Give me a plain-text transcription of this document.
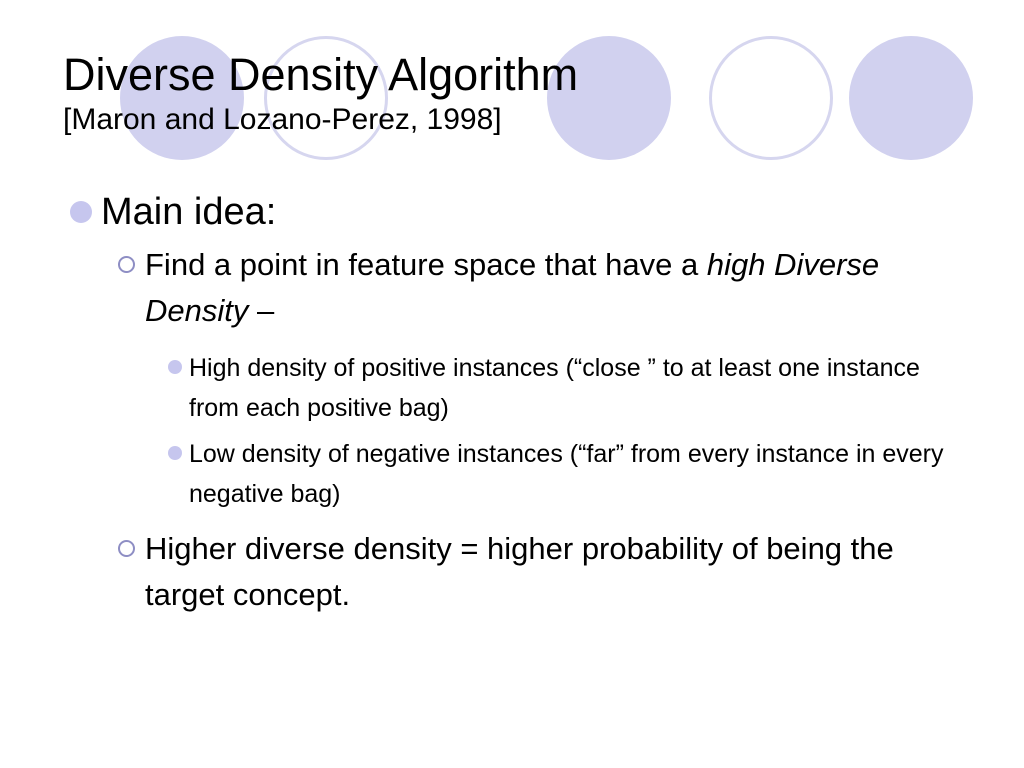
Diverse Density Algorithm
[Maron and Lozano-Perez, 1998]
Main idea:
Find a point in feature space that have a high Diverse Density –
High density of positive instances (“close ” to at least one instance from each positive bag)
Low density of negative instances (“far” from every instance in every negative bag)
Higher diverse density = higher probability of being the target concept.
